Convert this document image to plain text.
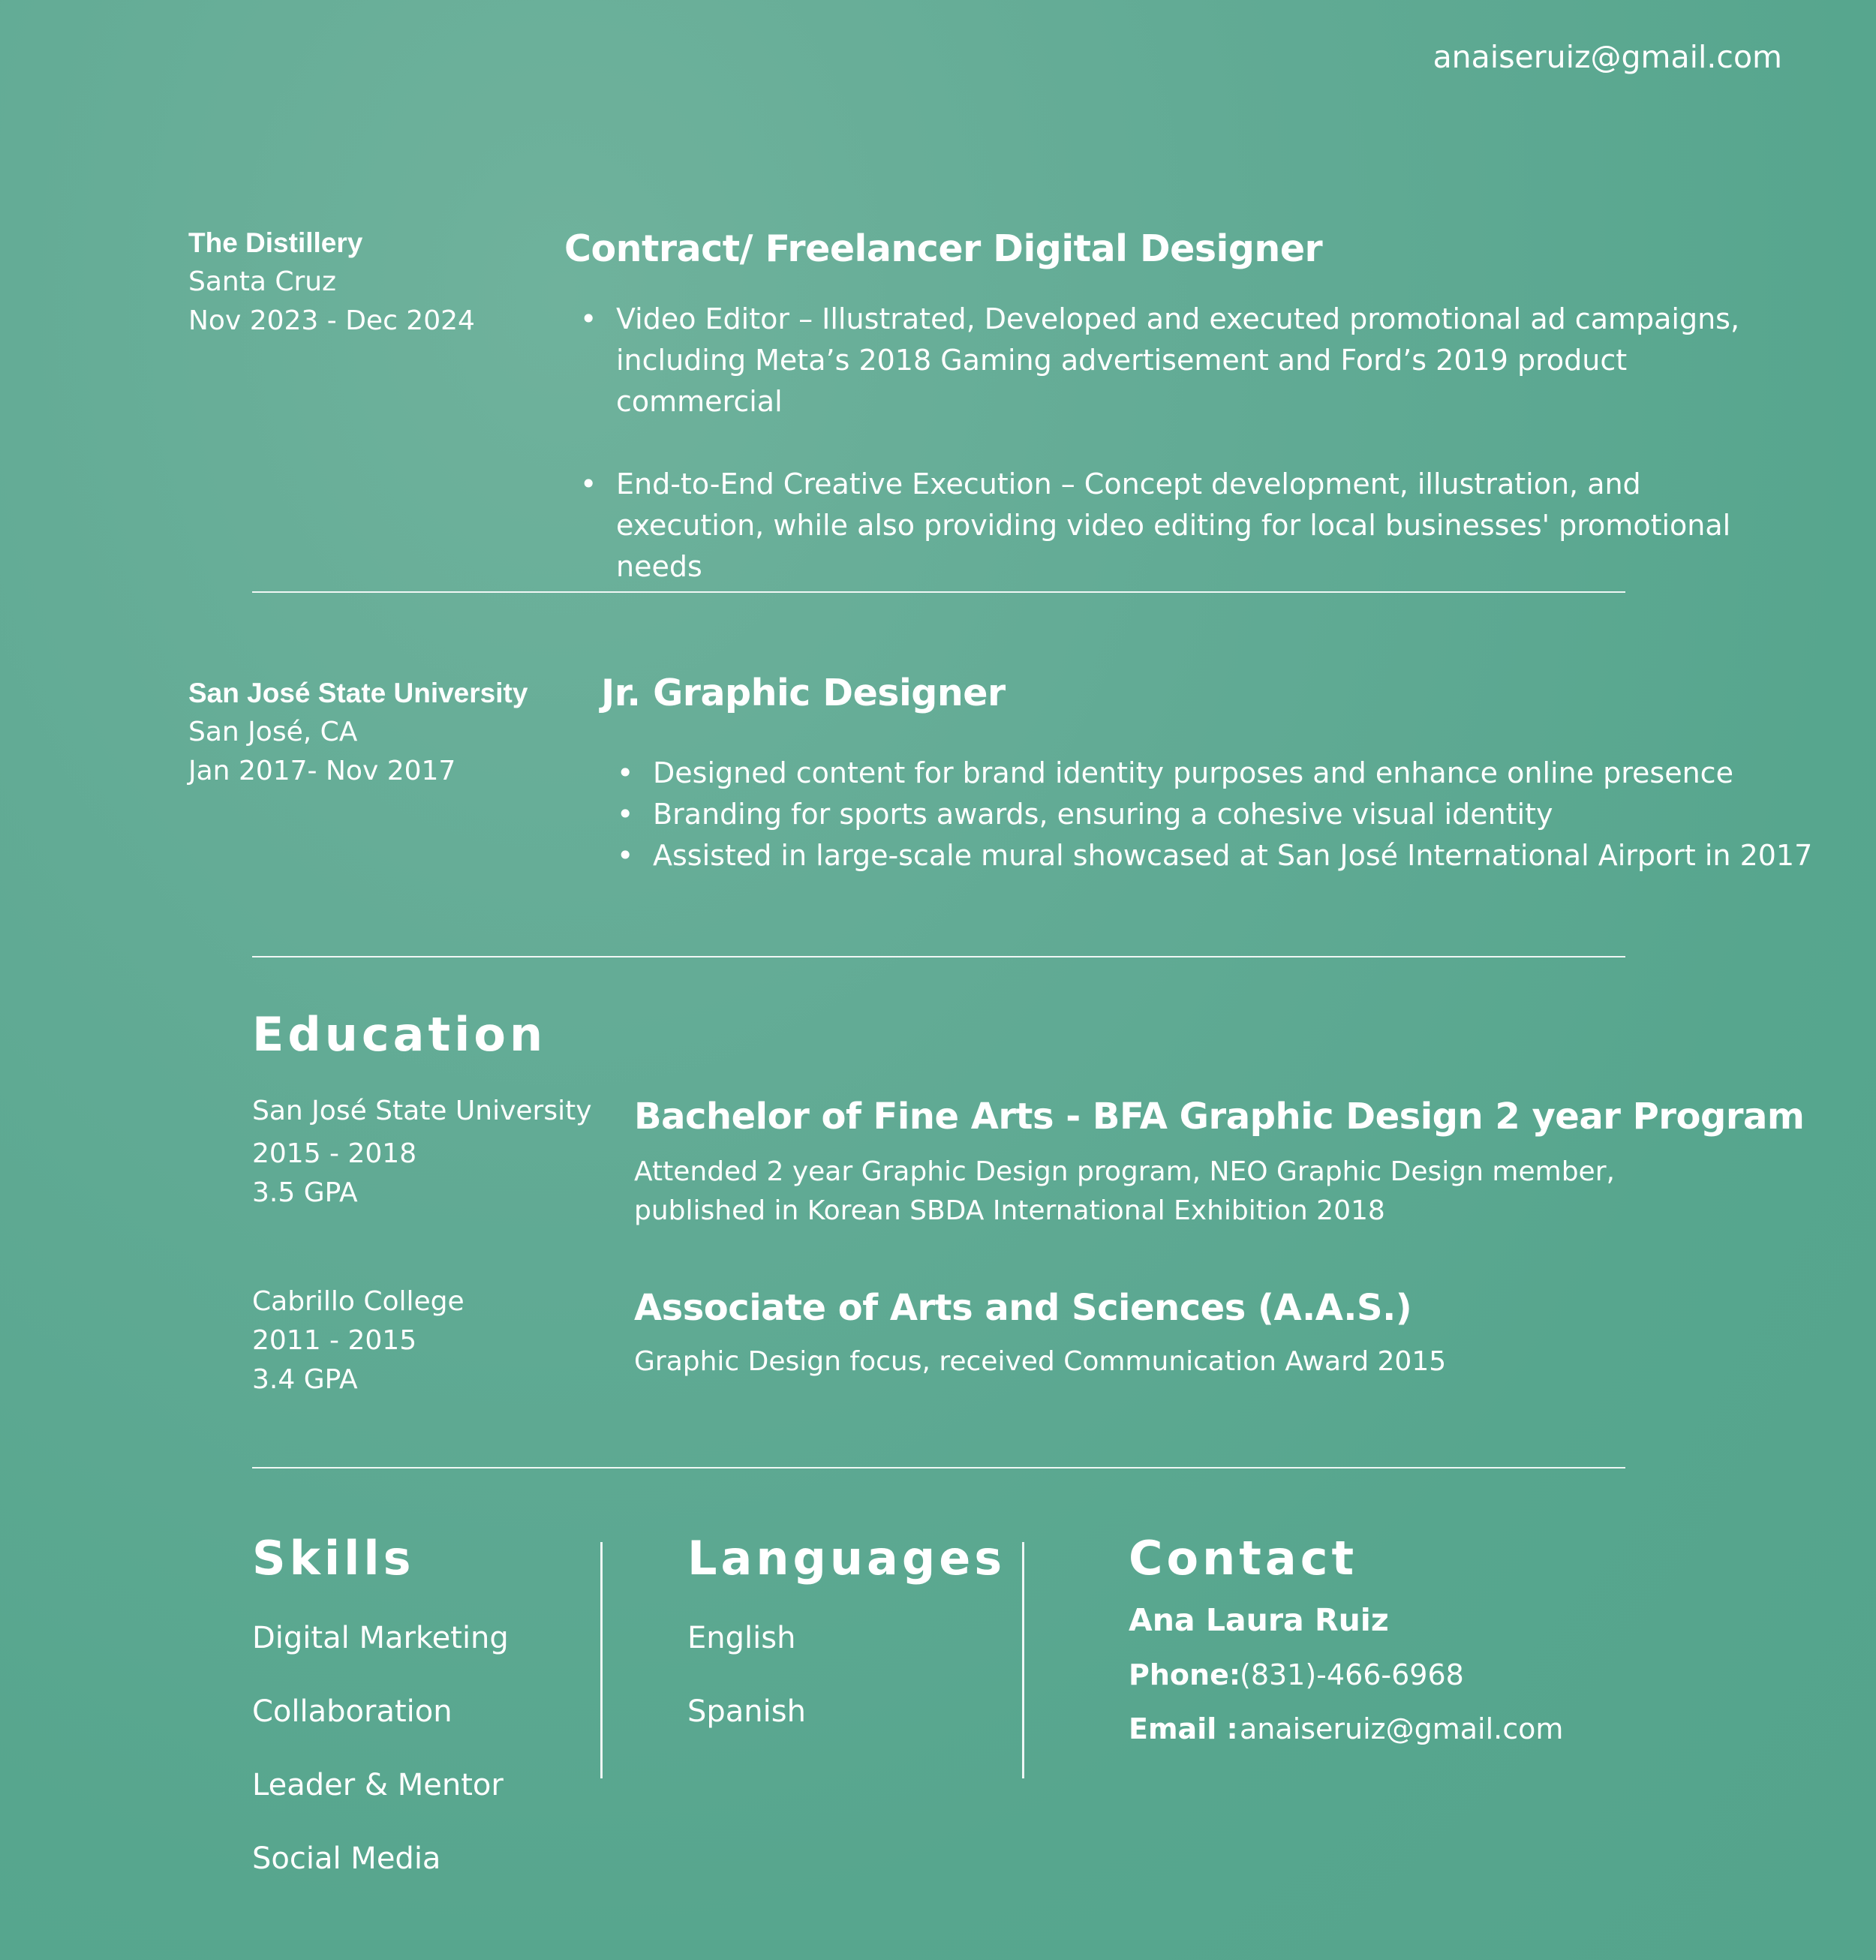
anaiseruiz@gmail.com
The Distillery
Santa Cruz
Nov 2023 - Dec 2024
Contract/ Freelancer Digital Designer
• Video Editor – Illustrated, Developed and executed promotional ad campaigns, including Meta’s 2018 Gaming advertisement and Ford’s 2019 product commercial
• End-to-End Creative Execution – Concept development, illustration, and execution, while also providing video editing for local businesses' promotional needs
San José State University
San José, CA
Jan 2017- Nov 2017
Jr. Graphic Designer
• Designed content for brand identity purposes and enhance online presence
• Branding for sports awards, ensuring a cohesive visual identity
• Assisted in large-scale mural showcased at San José International Airport in 2017
Education
San José State University
2015 - 2018
3.5 GPA
Bachelor of Fine Arts - BFA Graphic Design 2 year Program
Attended 2 year Graphic Design program, NEO Graphic Design member,
published in Korean SBDA International Exhibition 2018
Cabrillo College
2011 - 2015
3.4 GPA
Associate of Arts and Sciences (A.A.S.)
Graphic Design focus, received Communication Award 2015
Skills
Digital Marketing
Collaboration
Leader & Mentor
Social Media
Languages
English
Spanish
Contact
Ana Laura Ruiz
Phone:(831)-466-6968
Email :anaiseruiz@gmail.com
